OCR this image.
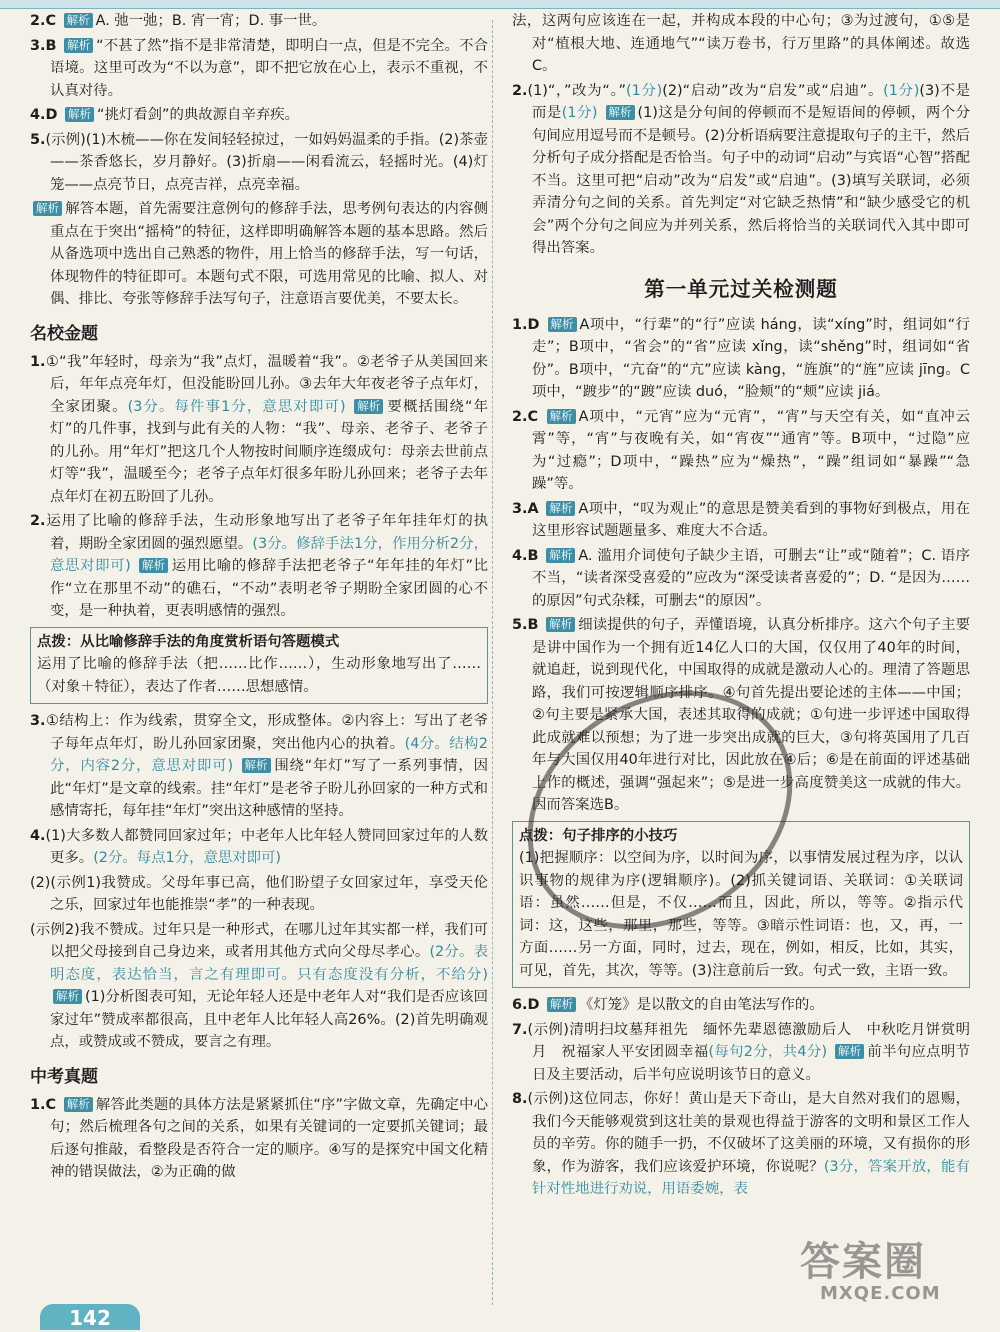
2.C 解析 A. 弛一弛；B. 宵一宵；D. 事一世。
3.B 解析 “不甚了然”指不是非常清楚，即明白一点，但是不完全。不合语境。这里可改为“不以为意”，即不把它放在心上，表示不重视，不认真对待。
4.D 解析 “挑灯看剑”的典故源自辛弃疾。
5.(示例)(1)木梳——你在发间轻轻掠过，一如妈妈温柔的手指。(2)茶壶——茶香悠长，岁月静好。(3)折扇——闲看流云，轻摇时光。(4)灯笼——点亮节日，点亮吉祥，点亮幸福。
解析 解答本题，首先需要注意例句的修辞手法，思考例句表达的内容侧重点在于突出“摇椅”的特征，这样即明确解答本题的基本思路。然后从备选项中选出自己熟悉的物件，用上恰当的修辞手法，写一句话，体现物件的特征即可。本题句式不限，可选用常见的比喻、拟人、对偶、排比、夸张等修辞手法写句子，注意语言要优美，不要太长。
名校金题
1.①“我”年轻时，母亲为“我”点灯，温暖着“我”。②老爷子从美国回来后，年年点亮年灯，但没能盼回儿孙。③去年大年夜老爷子点年灯，全家团聚。(3分。每件事1分，意思对即可) 解析 要概括围绕“年灯”的几件事，找到与此有关的人物：“我”、母亲、老爷子、老爷子的儿孙。用“年灯”把这几个人物按时间顺序连缀成句：母亲去世前点灯等“我”，温暖至今；老爷子点年灯很多年盼儿孙回来；老爷子去年点年灯在初五盼回了儿孙。
2.运用了比喻的修辞手法，生动形象地写出了老爷子年年挂年灯的执着，期盼全家团圆的强烈愿望。(3分。修辞手法1分，作用分析2分，意思对即可) 解析 运用比喻的修辞手法把老爷子“年年挂的年灯”比作“立在那里不动”的礁石，“不动”表明老爷子期盼全家团圆的心不变，是一种执着，更表明感情的强烈。
点拨：从比喻修辞手法的角度赏析语句答题模式
运用了比喻的修辞手法（把……比作……），生动形象地写出了……（对象＋特征），表达了作者……思想感情。
3.①结构上：作为线索，贯穿全文，形成整体。②内容上：写出了老爷子每年点年灯，盼儿孙回家团聚，突出他内心的执着。(4分。结构2分，内容2分，意思对即可) 解析 围绕“年灯”写了一系列事情，因此“年灯”是文章的线索。挂“年灯”是老爷子盼儿孙回家的一种方式和感情寄托，每年挂“年灯”突出这种感情的坚持。
4.(1)大多数人都赞同回家过年；中老年人比年轻人赞同回家过年的人数更多。(2分。每点1分，意思对即可)
(2)(示例1)我赞成。父母年事已高，他们盼望子女回家过年，享受天伦之乐，回家过年也能推崇“孝”的一种表现。
(示例2)我不赞成。过年只是一种形式，在哪儿过年其实都一样，我们可以把父母接到自己身边来，或者用其他方式向父母尽孝心。(2分。表明态度，表达恰当，言之有理即可。只有态度没有分析，不给分) 解析 (1)分析图表可知，无论年轻人还是中老年人对“我们是否应该回家过年”赞成率都很高，且中老年人比年轻人高26%。(2)首先明确观点，或赞成或不赞成，要言之有理。
中考真题
1.C 解析 解答此类题的具体方法是紧紧抓住“序”字做文章，先确定中心句；然后梳理各句之间的关系，如果有关键词的一定要抓关键词；最后逐句推敲，看整段是否符合一定的顺序。④写的是探究中国文化精神的错误做法，②为正确的做
法，这两句应该连在一起，并构成本段的中心句；③为过渡句，①⑤是对“植根大地、连通地气”“读万卷书，行万里路”的具体阐述。故选C。
2.(1)“，”改为“。”(1分)(2)“启动”改为“启发”或“启迪”。(1分)(3)不是　而是(1分) 解析 (1)这是分句间的停顿而不是短语间的停顿，两个分句间应用逗号而不是顿号。(2)分析语病要注意提取句子的主干，然后分析句子成分搭配是否恰当。句子中的动词“启动”与宾语“心智”搭配不当。这里可把“启动”改为“启发”或“启迪”。(3)填写关联词，必须弄清分句之间的关系。首先判定“对它缺乏热情”和“缺少感受它的机会”两个分句之间应为并列关系，然后将恰当的关联词代入其中即可得出答案。
第一单元过关检测题
1.D 解析 A项中，“行辈”的“行”应读 háng，读“xíng”时，组词如“行走”；B项中，“省会”的“省”应读 xǐng，读“shěng”时，组词如“省份”。B项中，“亢奋”的“亢”应读 kàng，“旌旗”的“旌”应读 jīng。C项中，“踱步”的“踱”应读 duó，“脸颊”的“颊”应读 jiá。
2.C 解析 A项中，“元宵”应为“元宵”，“宵”与天空有关，如“直冲云霄”等，“宵”与夜晚有关，如“宵夜”“通宵”等。B项中，“过隐”应为“过瘾”；D项中，“躁热”应为“燥热”，“躁”组词如“暴躁”“急躁”等。
3.A 解析 A项中，“叹为观止”的意思是赞美看到的事物好到极点，用在这里形容试题题量多、难度大不合适。
4.B 解析 A. 滥用介词使句子缺少主语，可删去“让”或“随着”；C. 语序不当，“读者深受喜爱的”应改为“深受读者喜爱的”；D. “是因为……的原因”句式杂糅，可删去“的原因”。
5.B 解析 细读提供的句子，弄懂语境，认真分析排序。这六个句子主要是讲中国作为一个拥有近14亿人口的大国，仅仅用了40年的时间，就追赶，说到现代化，中国取得的成就是激动人心的。理清了答题思路，我们可按逻辑顺序排序。④句首先提出要论述的主体——中国；②句主要是紧承大国，表述其取得的成就；①句进一步评述中国取得此成就难以预想；为了进一步突出成就的巨大，③句将英国用了几百年与大国仅用40年进行对比，因此放在④后；⑥是在前面的评述基础上作的概述，强调“强起来”；⑤是进一步高度赞美这一成就的伟大。因而答案选B。
点拨：句子排序的小技巧
(1)把握顺序：以空间为序，以时间为序，以事情发展过程为序，以认识事物的规律为序(逻辑顺序)。(2)抓关键词语、关联词：①关联词语：虽然……但是，不仅……而且，因此，所以，等等。②指示代词：这，这些，那里，那些，等等。③暗示性词语：也，又，再，一方面……另一方面，同时，过去，现在，例如，相反，比如，其实，可见，首先，其次，等等。(3)注意前后一致。句式一致，主语一致。
6.D 解析 《灯笼》是以散文的自由笔法写作的。
7.(示例)清明扫坟墓拜祖先　缅怀先辈恩德激励后人　中秋吃月饼赏明月　祝福家人平安团圆幸福(每句2分，共4分) 解析 前半句应点明节日及主要活动，后半句应说明该节日的意义。
8.(示例)这位同志，你好！黄山是天下奇山，是大自然对我们的恩赐，我们今天能够观赏到这壮美的景观也得益于游客的文明和景区工作人员的辛劳。你的随手一扔，不仅破坏了这美丽的环境，又有损你的形象，作为游客，我们应该爱护环境，你说呢？(3分，答案开放，能有针对性地进行劝说，用语委婉，表
142
答案圈
MXQE.COM
